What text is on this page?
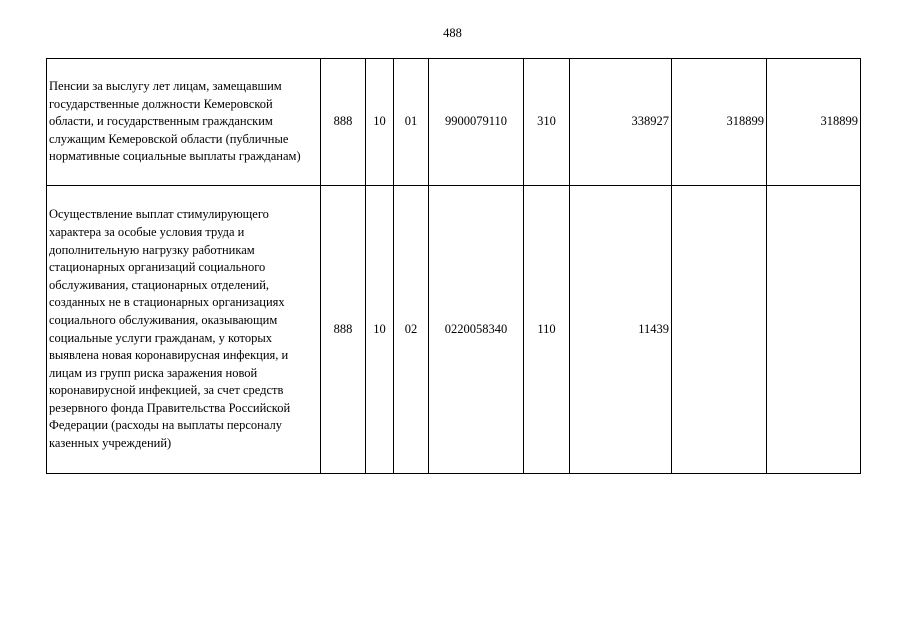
488
Пенсии за выслугу лет лицам, замещавшим государственные должности Кемеровской области, и государственным гражданским служащим Кемеровской области (публичные нормативные социальные выплаты гражданам)	888	10	01	9900079110	310	338927	318899	318899
Осуществление выплат стимулирующего характера за особые условия труда и дополнительную нагрузку работникам стационарных организаций социального обслуживания, стационарных отделений, созданных не в стационарных организациях социального обслуживания, оказывающим социальные услуги гражданам, у которых выявлена новая коронавирусная инфекция, и лицам из групп риска заражения новой коронавирусной инфекцией, за счет средств резервного фонда Правительства Российской Федерации (расходы на выплаты персоналу казенных учреждений)	888	10	02	0220058340	110	11439		
